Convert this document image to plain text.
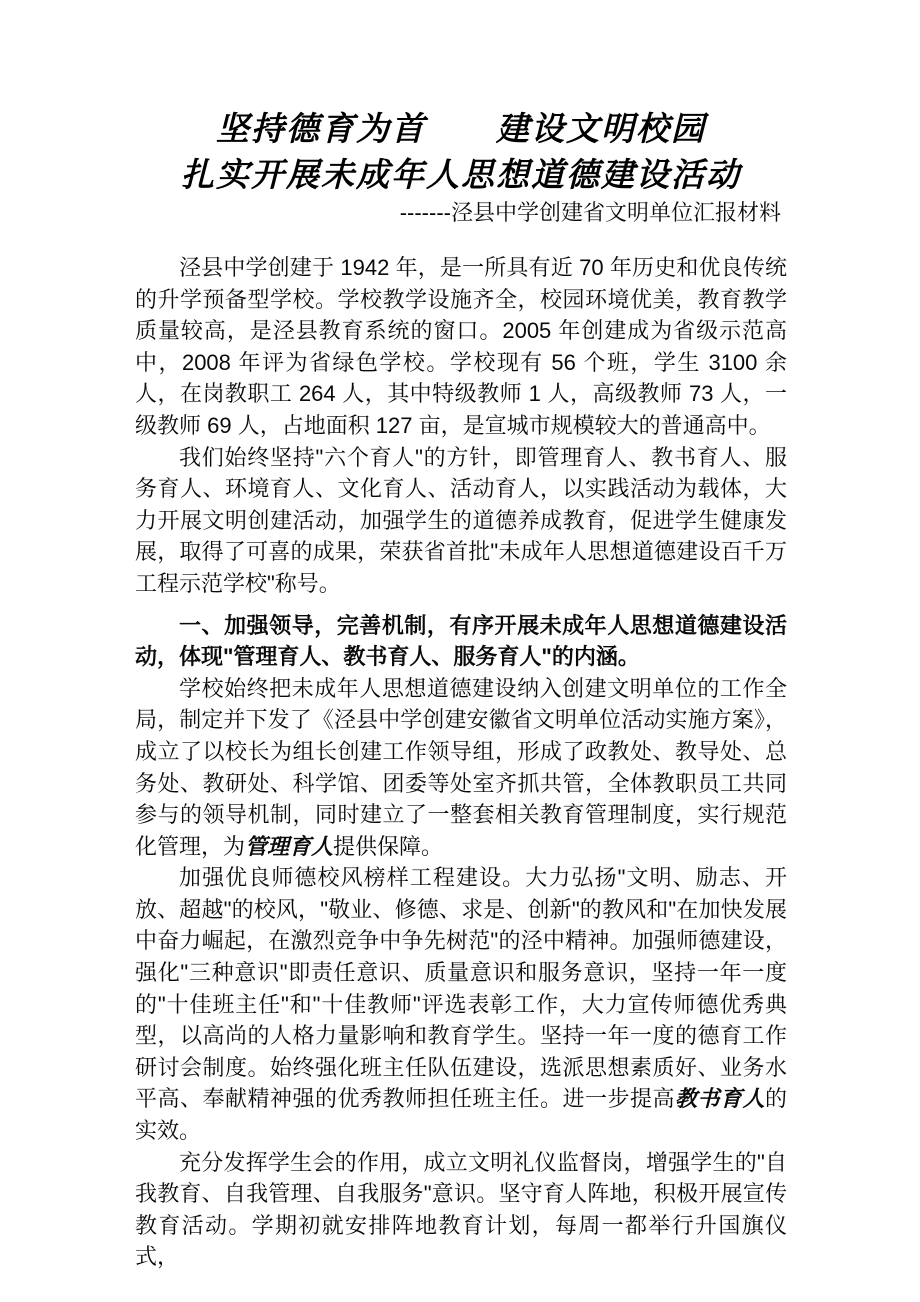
坚持德育为首　　建设文明校园
扎实开展未成年人思想道德建设活动
-------泾县中学创建省文明单位汇报材料

泾县中学创建于 1942 年，是一所具有近 70 年历史和优良传统的升学预备型学校。学校教学设施齐全，校园环境优美，教育教学质量较高，是泾县教育系统的窗口。2005 年创建成为省级示范高中，2008 年评为省绿色学校。学校现有 56 个班，学生 3100 余人，在岗教职工 264 人，其中特级教师 1 人，高级教师 73 人，一级教师 69 人，占地面积 127 亩，是宣城市规模较大的普通高中。

我们始终坚持"六个育人"的方针，即管理育人、教书育人、服务育人、环境育人、文化育人、活动育人，以实践活动为载体，大力开展文明创建活动，加强学生的道德养成教育，促进学生健康发展，取得了可喜的成果，荣获省首批"未成年人思想道德建设百千万工程示范学校"称号。

一、加强领导，完善机制，有序开展未成年人思想道德建设活动，体现"管理育人、教书育人、服务育人"的内涵。

学校始终把未成年人思想道德建设纳入创建文明单位的工作全局，制定并下发了《泾县中学创建安徽省文明单位活动实施方案》，成立了以校长为组长创建工作领导组，形成了政教处、教导处、总务处、教研处、科学馆、团委等处室齐抓共管，全体教职员工共同参与的领导机制，同时建立了一整套相关教育管理制度，实行规范化管理，为管理育人提供保障。

加强优良师德校风榜样工程建设。大力弘扬"文明、励志、开放、超越"的校风，"敬业、修德、求是、创新"的教风和"在加快发展中奋力崛起，在激烈竞争中争先树范"的泾中精神。加强师德建设，强化"三种意识"即责任意识、质量意识和服务意识，坚持一年一度的"十佳班主任"和"十佳教师"评选表彰工作，大力宣传师德优秀典型，以高尚的人格力量影响和教育学生。坚持一年一度的德育工作研讨会制度。始终强化班主任队伍建设，选派思想素质好、业务水平高、奉献精神强的优秀教师担任班主任。进一步提高教书育人的实效。

充分发挥学生会的作用，成立文明礼仪监督岗，增强学生的"自我教育、自我管理、自我服务"意识。坚守育人阵地，积极开展宣传教育活动。学期初就安排阵地教育计划，每周一都举行升国旗仪式，
